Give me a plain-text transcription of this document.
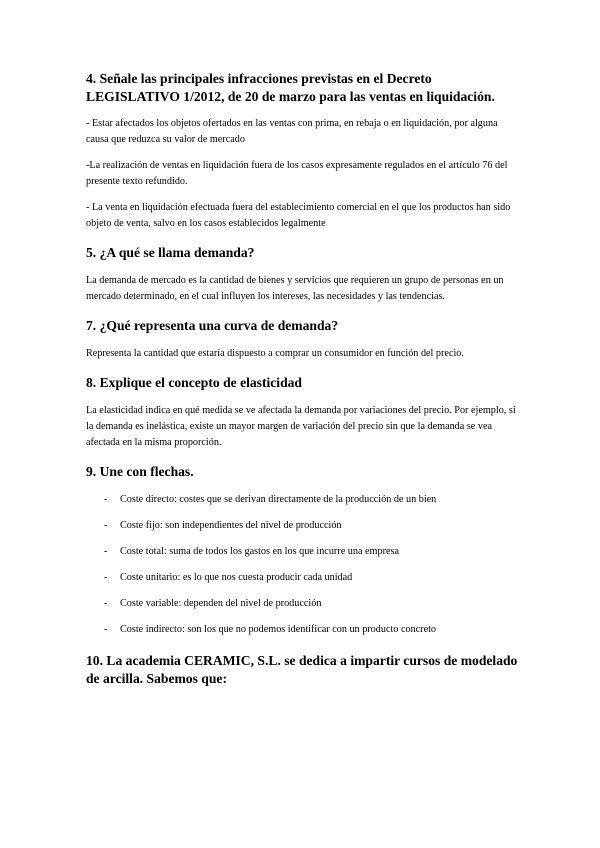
4. Señale las principales infracciones previstas en el Decreto LEGISLATIVO 1/2012, de 20 de marzo para las ventas en liquidación.

- Estar afectados los objetos ofertados en las ventas con prima, en rebaja o en liquidación, por alguna causa que reduzca su valor de mercado

-La realización de ventas en liquidación fuera de los casos expresamente regulados en el artículo 76 del presente texto refundido.

- La venta en liquidación efectuada fuera del establecimiento comercial en el que los productos han sido objeto de venta, salvo en los casos establecidos legalmente

5. ¿A qué se llama demanda?

La demanda de mercado es la cantidad de bienes y servicios que requieren un grupo de personas en un mercado determinado, en el cual influyen los intereses, las necesidades y las tendencias.

7. ¿Qué representa una curva de demanda?

Representa la cantidad que estaría dispuesto a comprar un consumidor en función del precio.

8. Explique el concepto de elasticidad

La elasticidad indica en qué medida se ve afectada la demanda por variaciones del precio. Por ejemplo, si la demanda es inelástica, existe un mayor margen de variación del precio sin que la demanda se vea afectada en la misma proporción.

9. Une con flechas.
- Coste directo: costes que se derivan directamente de la producción de un bien
- Coste fijo: son independientes del nivel de producción
- Coste total: suma de todos los gastos en los que incurre una empresa
- Coste unitario: es lo que nos cuesta producir cada unidad
- Coste variable: dependen del nivel de producción
- Coste indirecto: son los que no podemos identificar con un producto concreto
10. La academia CERAMIC, S.L. se dedica a impartir cursos de modelado de arcilla. Sabemos que:
